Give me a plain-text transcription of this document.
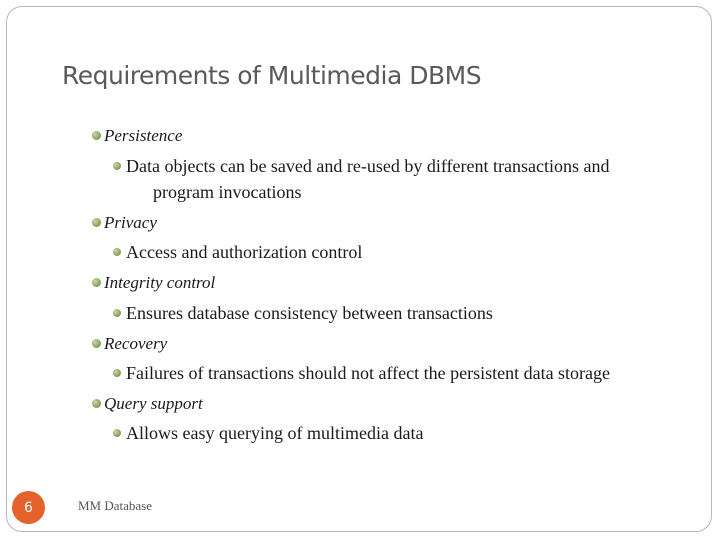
Requirements of Multimedia DBMS
Persistence
Data objects can be saved and re-used by different transactions and
program invocations
Privacy
Access and authorization control
Integrity control
Ensures database consistency between transactions
Recovery
Failures of transactions should not affect the persistent data storage
Query support
Allows easy querying of multimedia data
6	MM Database
